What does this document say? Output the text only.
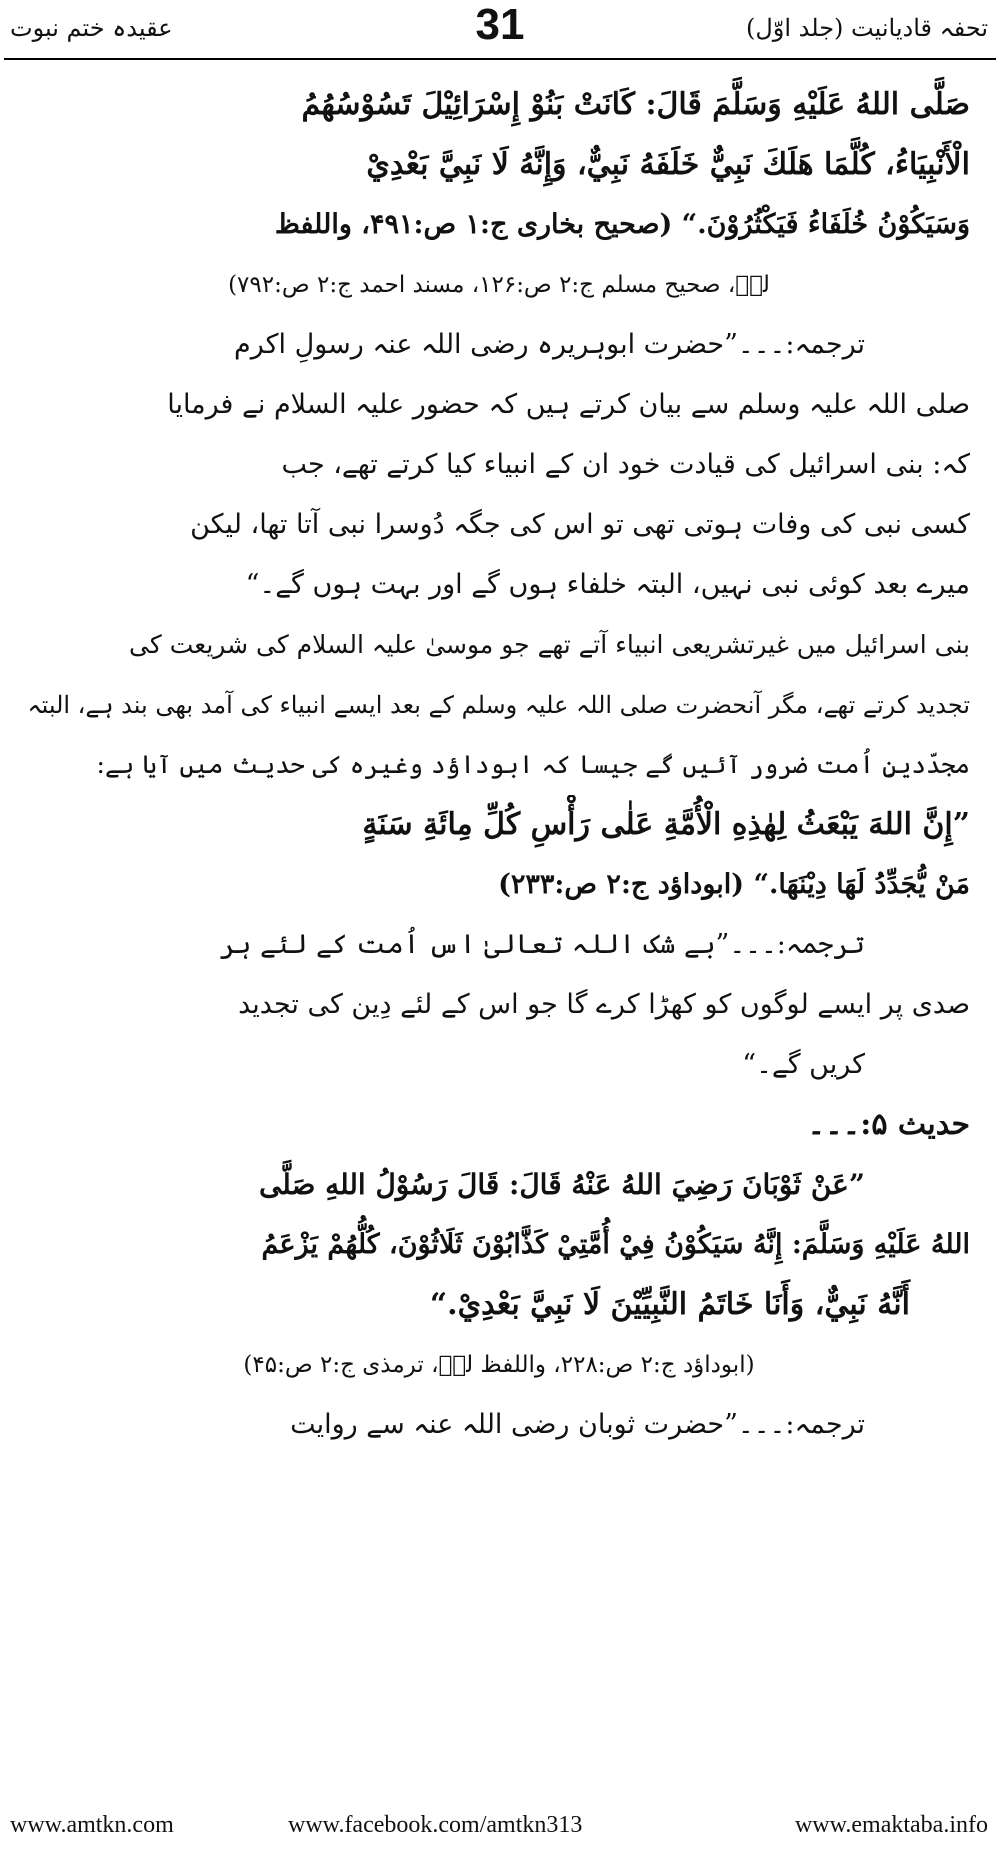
عقیدہ ختم نبوت	31	تحفہ قادیانیت (جلد اوّل)
صَلَّى اللهُ عَلَيْهِ وَسَلَّمَ قَالَ: كَانَتْ بَنُوْ إِسْرَائِيْلَ تَسُوْسُهُمُ
الْأَنْبِيَاءُ، كُلَّمَا هَلَكَ نَبِيٌّ خَلَفَهُ نَبِيٌّ، وَإِنَّهُ لَا نَبِيَّ بَعْدِيْ
وَسَيَكُوْنُ خُلَفَاءُ فَيَكْثُرُوْنَ.“ (صحیح بخاری ج:۱ ص:۴۹۱، واللفظ
لہٗ، صحیح مسلم ج:۲ ص:۱۲۶، مسند احمد ج:۲ ص:۷۹۲)
ترجمہ:۔۔۔”حضرت ابوہریرہ رضی اللہ عنہ رسولِ اکرم
صلی اللہ علیہ وسلم سے بیان کرتے ہیں کہ حضور علیہ السلام نے فرمایا
کہ: بنی اسرائیل کی قیادت خود ان کے انبیاء کیا کرتے تھے، جب
کسی نبی کی وفات ہوتی تھی تو اس کی جگہ دُوسرا نبی آتا تھا، لیکن
میرے بعد کوئی نبی نہیں، البتہ خلفاء ہوں گے اور بہت ہوں گے۔“
بنی اسرائیل میں غیرتشریعی انبیاء آتے تھے جو موسیٰ علیہ السلام کی شریعت کی
تجدید کرتے تھے، مگر آنحضرت صلی اللہ علیہ وسلم کے بعد ایسے انبیاء کی آمد بھی بند ہے، البتہ
مجدّدینِ اُمت ضرور آئیں گے جیسا کہ ابوداؤد وغیرہ کی حدیث میں آیا ہے:
”إِنَّ اللهَ يَبْعَثُ لِهٰذِهِ الْأُمَّةِ عَلٰى رَأْسِ كُلِّ مِائَةِ سَنَةٍ
مَنْ يُّجَدِّدُ لَهَا دِيْنَهَا.“ (ابوداؤد ج:۲ ص:۲۳۳)
ترجمہ:۔۔۔”بے شک اللہ تعالیٰ اس اُمت کے لئے ہر
صدی پر ایسے لوگوں کو کھڑا کرے گا جو اس کے لئے دِین کی تجدید
کریں گے۔“
حدیث ۵:۔۔۔
”عَنْ ثَوْبَانَ رَضِيَ اللهُ عَنْهُ قَالَ: قَالَ رَسُوْلُ اللهِ صَلَّى
اللهُ عَلَيْهِ وَسَلَّمَ: إِنَّهُ سَيَكُوْنُ فِيْ أُمَّتِيْ كَذَّابُوْنَ ثَلَاثُوْنَ، كُلُّهُمْ يَزْعَمُ
أَنَّهُ نَبِيٌّ، وَأَنَا خَاتَمُ النَّبِيِّيْنَ لَا نَبِيَّ بَعْدِيْ.“
(ابوداؤد ج:۲ ص:۲۲۸، واللفظ لہٗ، ترمذی ج:۲ ص:۴۵)
ترجمہ:۔۔۔”حضرت ثوبان رضی اللہ عنہ سے روایت
www.amtkn.com	www.facebook.com/amtkn313	www.emaktaba.info
